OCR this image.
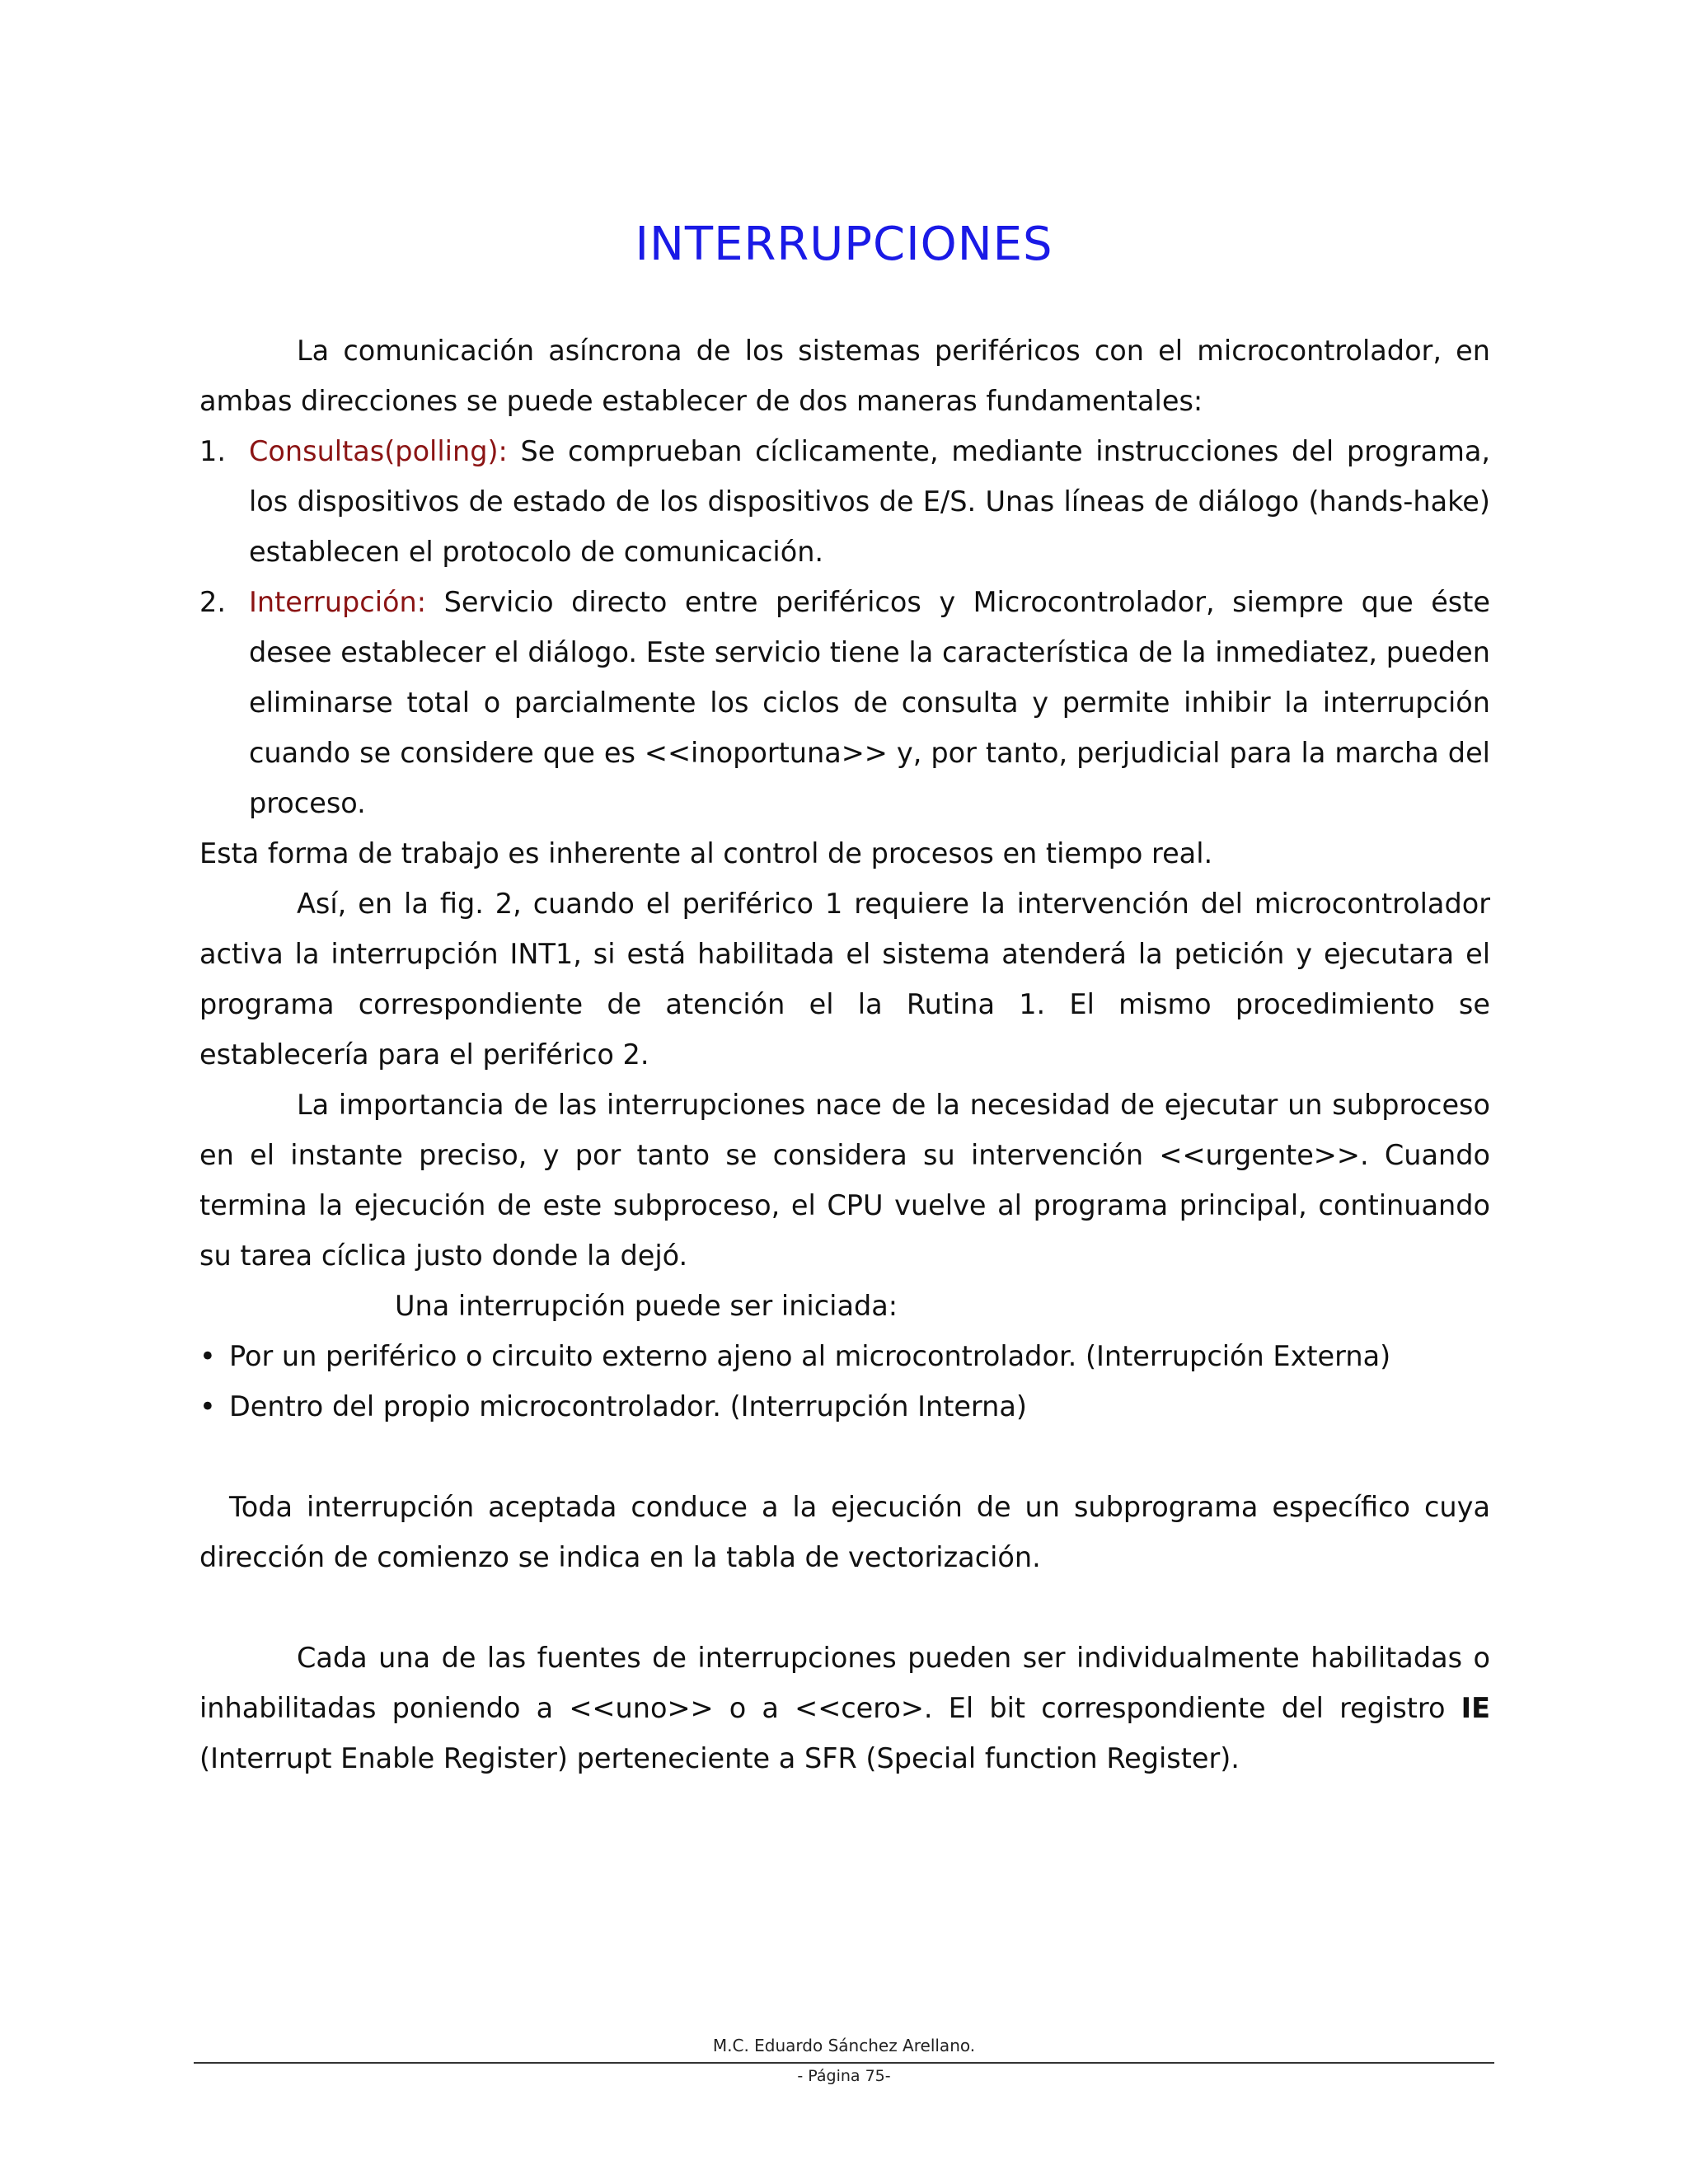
INTERRUPCIONES

La comunicación asíncrona de los sistemas periféricos con el microcontrolador, en ambas direcciones se puede establecer de dos maneras fundamentales:

1. Consultas(polling): Se comprueban cíclicamente, mediante instrucciones del programa, los dispositivos de estado de los dispositivos de E/S. Unas líneas de diálogo (hands-hake) establecen el protocolo de comunicación.
2. Interrupción: Servicio directo entre periféricos y Microcontrolador, siempre que éste desee establecer el diálogo. Este servicio tiene la característica de la inmediatez, pueden eliminarse total o parcialmente los ciclos de consulta y permite inhibir la interrupción cuando se considere que es <<inoportuna>> y, por tanto, perjudicial para la marcha del proceso.

Esta forma de trabajo es inherente al control de procesos en tiempo real.

Así, en la fig. 2, cuando el periférico 1 requiere la intervención del microcontrolador activa la interrupción INT1, si está habilitada el sistema atenderá la petición y ejecutara el programa correspondiente de atención el la Rutina 1. El mismo procedimiento se establecería para el periférico 2.

La importancia de las interrupciones nace de la necesidad de ejecutar un subproceso en el instante preciso, y por tanto se considera su intervención <<urgente>>. Cuando termina la ejecución de este subproceso, el CPU vuelve al programa principal, continuando su tarea cíclica justo donde la dejó.

Una interrupción puede ser iniciada:

• Por un periférico o circuito externo ajeno al microcontrolador. (Interrupción Externa)
• Dentro del propio microcontrolador. (Interrupción Interna)

Toda interrupción aceptada conduce a la ejecución de un subprograma específico cuya dirección de comienzo se indica en la tabla de vectorización.

Cada una de las fuentes de interrupciones pueden ser individualmente habilitadas o inhabilitadas poniendo a <<uno>> o a <<cero>. El bit correspondiente del registro IE (Interrupt Enable Register) perteneciente a SFR (Special function Register).

M.C. Eduardo Sánchez Arellano.
- Página 75-
